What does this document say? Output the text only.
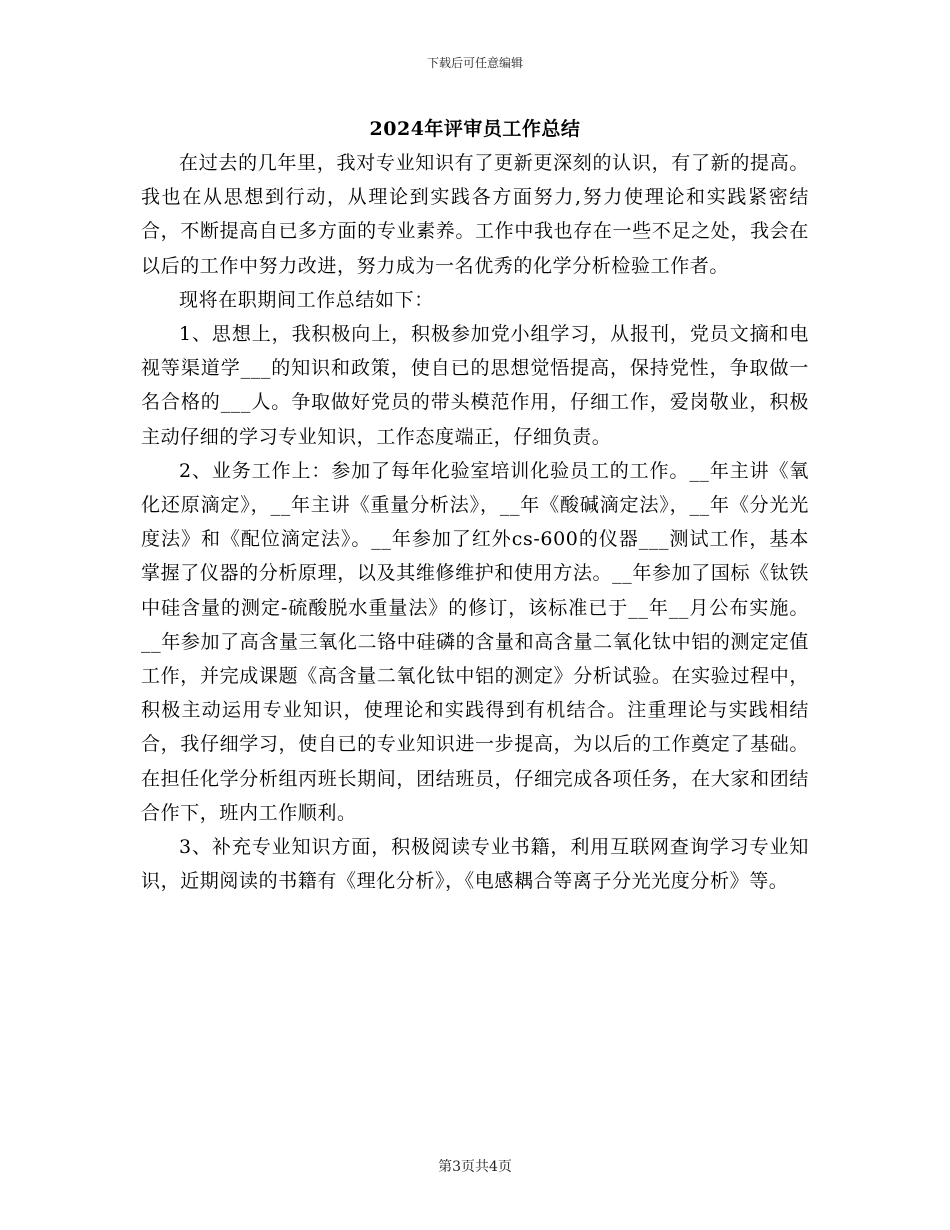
下载后可任意编辑
2024年评审员工作总结

在过去的几年里，我对专业知识有了更新更深刻的认识，有了新的提高。我也在从思想到行动，从理论到实践各方面努力,努力使理论和实践紧密结合，不断提高自已多方面的专业素养。工作中我也存在一些不足之处，我会在以后的工作中努力改进，努力成为一名优秀的化学分析检验工作者。

现将在职期间工作总结如下：

1、思想上，我积极向上，积极参加党小组学习，从报刊，党员文摘和电视等渠道学___的知识和政策，使自已的思想觉悟提高，保持党性，争取做一名合格的___人。争取做好党员的带头模范作用，仔细工作，爱岗敬业，积极主动仔细的学习专业知识，工作态度端正，仔细负责。

2、业务工作上：参加了每年化验室培训化验员工的工作。__年主讲《氧化还原滴定》，__年主讲《重量分析法》，__年《酸碱滴定法》，__年《分光光度法》和《配位滴定法》。__年参加了红外cs-600的仪器___测试工作，基本掌握了仪器的分析原理，以及其维修维护和使用方法。__年参加了国标《钛铁中硅含量的测定-硫酸脱水重量法》的修订，该标准已于__年__月公布实施。__年参加了高含量三氧化二铬中硅磷的含量和高含量二氧化钛中铝的测定定值工作，并完成课题《高含量二氧化钛中铝的测定》分析试验。在实验过程中，积极主动运用专业知识，使理论和实践得到有机结合。注重理论与实践相结合，我仔细学习，使自已的专业知识进一步提高，为以后的工作奠定了基础。在担任化学分析组丙班长期间，团结班员，仔细完成各项任务，在大家和团结合作下，班内工作顺利。

3、补充专业知识方面，积极阅读专业书籍，利用互联网查询学习专业知识，近期阅读的书籍有《理化分析》，《电感耦合等离子分光光度分析》等。

第3页共4页
